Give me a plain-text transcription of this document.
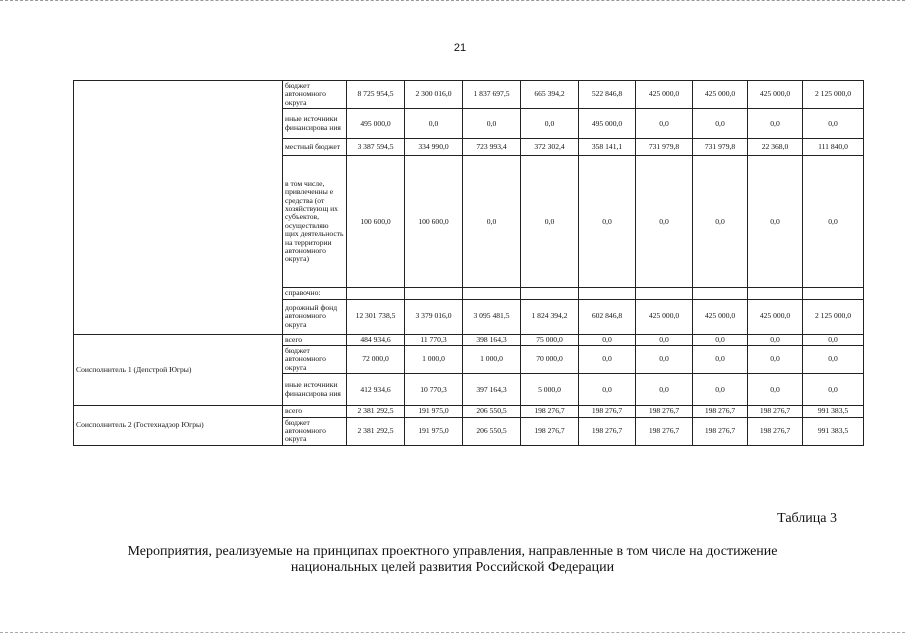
21
	бюджет автономного округа	8 725 954,5	2 300 016,0	1 837 697,5	665 394,2	522 846,8	425 000,0	425 000,0	425 000,0	2 125 000,0
	иные источники финансирова ния	495 000,0	0,0	0,0	0,0	495 000,0	0,0	0,0	0,0	0,0
	местный бюджет	3 387 594,5	334 990,0	723 993,4	372 302,4	358 141,1	731 979,8	731 979,8	22 368,0	111 840,0
	в том числе, привлеченны е средства (от хозяйствующ их субъектов, осуществляю щих деятельность на территории автономного округа)	100 600,0	100 600,0	0,0	0,0	0,0	0,0	0,0	0,0	0,0
	справочно:									
	дорожный фонд автономного округа	12 301 738,5	3 379 016,0	3 095 481,5	1 824 394,2	602 846,8	425 000,0	425 000,0	425 000,0	2 125 000,0
Соисполнитель 1 (Депстрой Югры)	всего	484 934,6	11 770,3	398 164,3	75 000,0	0,0	0,0	0,0	0,0	0,0
	бюджет автономного округа	72 000,0	1 000,0	1 000,0	70 000,0	0,0	0,0	0,0	0,0	0,0
	иные источники финансирова ния	412 934,6	10 770,3	397 164,3	5 000,0	0,0	0,0	0,0	0,0	0,0
Соисполнитель 2 (Гостехнадзор Югры)	всего	2 381 292,5	191 975,0	206 550,5	198 276,7	198 276,7	198 276,7	198 276,7	198 276,7	991 383,5
	бюджет автономного округа	2 381 292,5	191 975,0	206 550,5	198 276,7	198 276,7	198 276,7	198 276,7	198 276,7	991 383,5
Таблица 3
Мероприятия, реализуемые на принципах проектного управления, направленные в том числе на достижение
национальных целей развития Российской Федерации
